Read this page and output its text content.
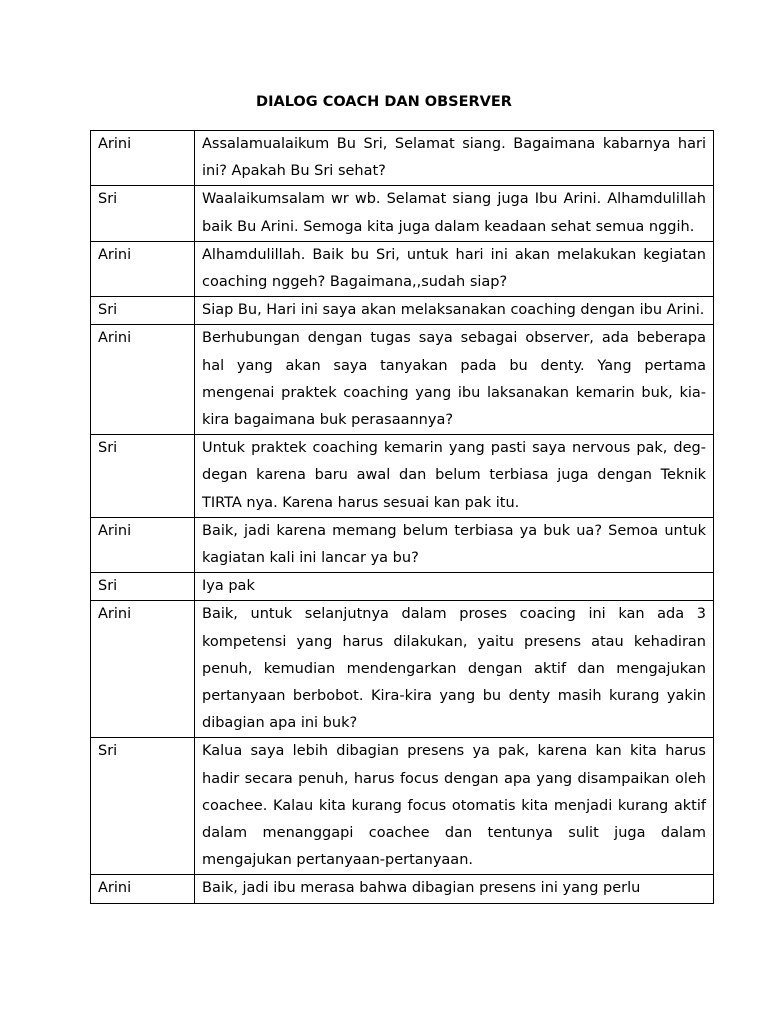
DIALOG COACH DAN OBSERVER
Arini	Assalamualaikum Bu Sri, Selamat siang. Bagaimana kabarnya hari ini? Apakah Bu Sri sehat?
Sri	Waalaikumsalam wr wb. Selamat siang juga Ibu Arini. Alhamdulillah baik Bu Arini. Semoga kita juga dalam keadaan sehat semua nggih.
Arini	Alhamdulillah. Baik bu Sri, untuk hari ini akan melakukan kegiatan coaching nggeh? Bagaimana,,sudah siap?
Sri	Siap Bu, Hari ini saya akan melaksanakan coaching dengan ibu Arini.
Arini	Berhubungan dengan tugas saya sebagai observer, ada beberapa hal yang akan saya tanyakan pada bu denty. Yang pertama mengenai praktek coaching yang ibu laksanakan kemarin buk, kia-kira bagaimana buk perasaannya?
Sri	Untuk praktek coaching kemarin yang pasti saya nervous pak, deg-degan karena baru awal dan belum terbiasa juga dengan Teknik TIRTA nya. Karena harus sesuai kan pak itu.
Arini	Baik, jadi karena memang belum terbiasa ya buk ua? Semoa untuk kagiatan kali ini lancar ya bu?
Sri	Iya pak
Arini	Baik, untuk selanjutnya dalam proses coacing ini kan ada 3 kompetensi yang harus dilakukan, yaitu presens atau kehadiran penuh, kemudian mendengarkan dengan aktif dan mengajukan pertanyaan berbobot. Kira-kira yang bu denty masih kurang yakin dibagian apa ini buk?
Sri	Kalua saya lebih dibagian presens ya pak, karena kan kita harus hadir secara penuh, harus focus dengan apa yang disampaikan oleh coachee. Kalau kita kurang focus otomatis kita menjadi kurang aktif dalam menanggapi coachee dan tentunya sulit juga dalam mengajukan pertanyaan-pertanyaan.
Arini	Baik, jadi ibu merasa bahwa dibagian presens ini yang perlu
